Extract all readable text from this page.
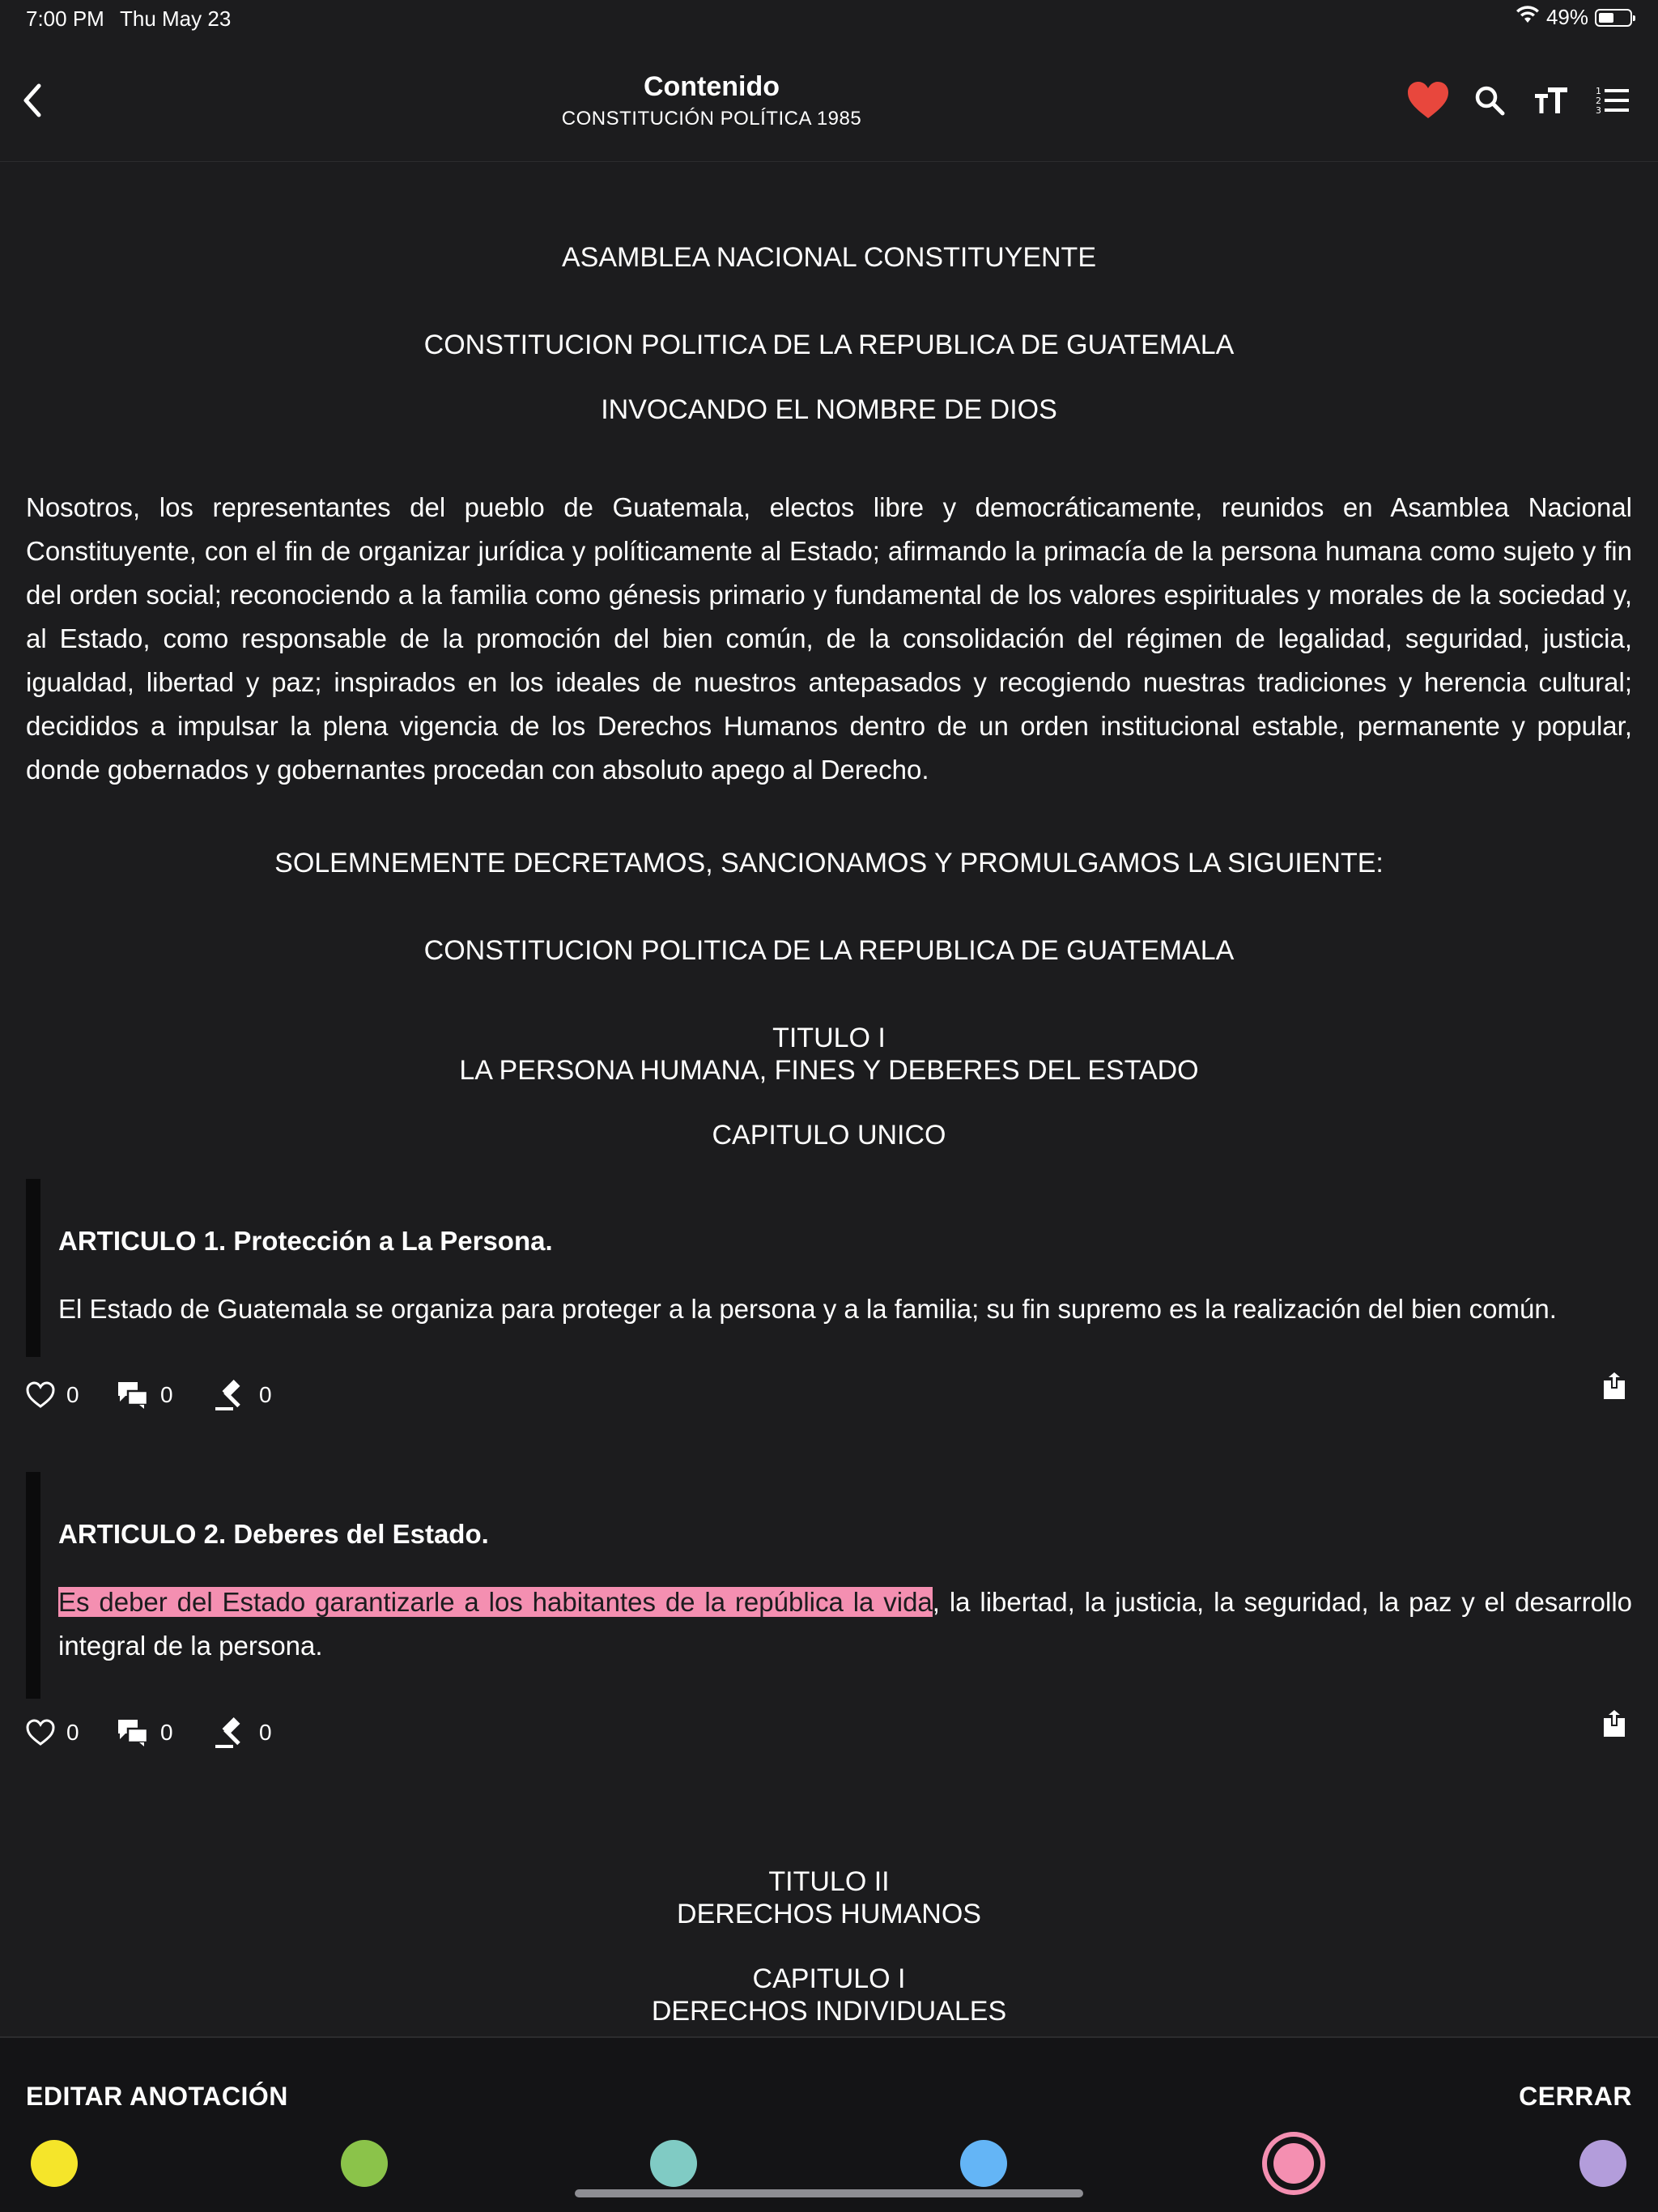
7:00 PM Thu May 23	49%
Contenido
CONSTITUCIÓN POLÍTICA 1985
1
2
3
ASAMBLEA NACIONAL CONSTITUYENTE
CONSTITUCION POLITICA DE LA REPUBLICA DE GUATEMALA
INVOCANDO EL NOMBRE DE DIOS
Nosotros, los representantes del pueblo de Guatemala, electos libre y democráticamente, reunidos en Asamblea Nacional Constituyente, con el fin de organizar jurídica y políticamente al Estado; afirmando la primacía de la persona humana como sujeto y fin del orden social; reconociendo a la familia como génesis primario y fundamental de los valores espirituales y morales de la sociedad y, al Estado, como responsable de la promoción del bien común, de la consolidación del régimen de legalidad, seguridad, justicia, igualdad, libertad y paz; inspirados en los ideales de nuestros antepasados y recogiendo nuestras tradiciones y herencia cultural; decididos a impulsar la plena vigencia de los Derechos Humanos dentro de un orden institucional estable, permanente y popular, donde gobernados y gobernantes procedan con absoluto apego al Derecho.
SOLEMNEMENTE DECRETAMOS, SANCIONAMOS Y PROMULGAMOS LA SIGUIENTE:
CONSTITUCION POLITICA DE LA REPUBLICA DE GUATEMALA
TITULO I
LA PERSONA HUMANA, FINES Y DEBERES DEL ESTADO
CAPITULO UNICO
ARTICULO 1. Protección a La Persona.
El Estado de Guatemala se organiza para proteger a la persona y a la familia; su fin supremo es la realización del bien común.
0	0	0
ARTICULO 2. Deberes del Estado.
Es deber del Estado garantizarle a los habitantes de la república la vida, la libertad, la justicia, la seguridad, la paz y el desarrollo integral de la persona.
0	0	0
TITULO II
DERECHOS HUMANOS
CAPITULO I
DERECHOS INDIVIDUALES
EDITAR ANOTACIÓN	CERRAR
